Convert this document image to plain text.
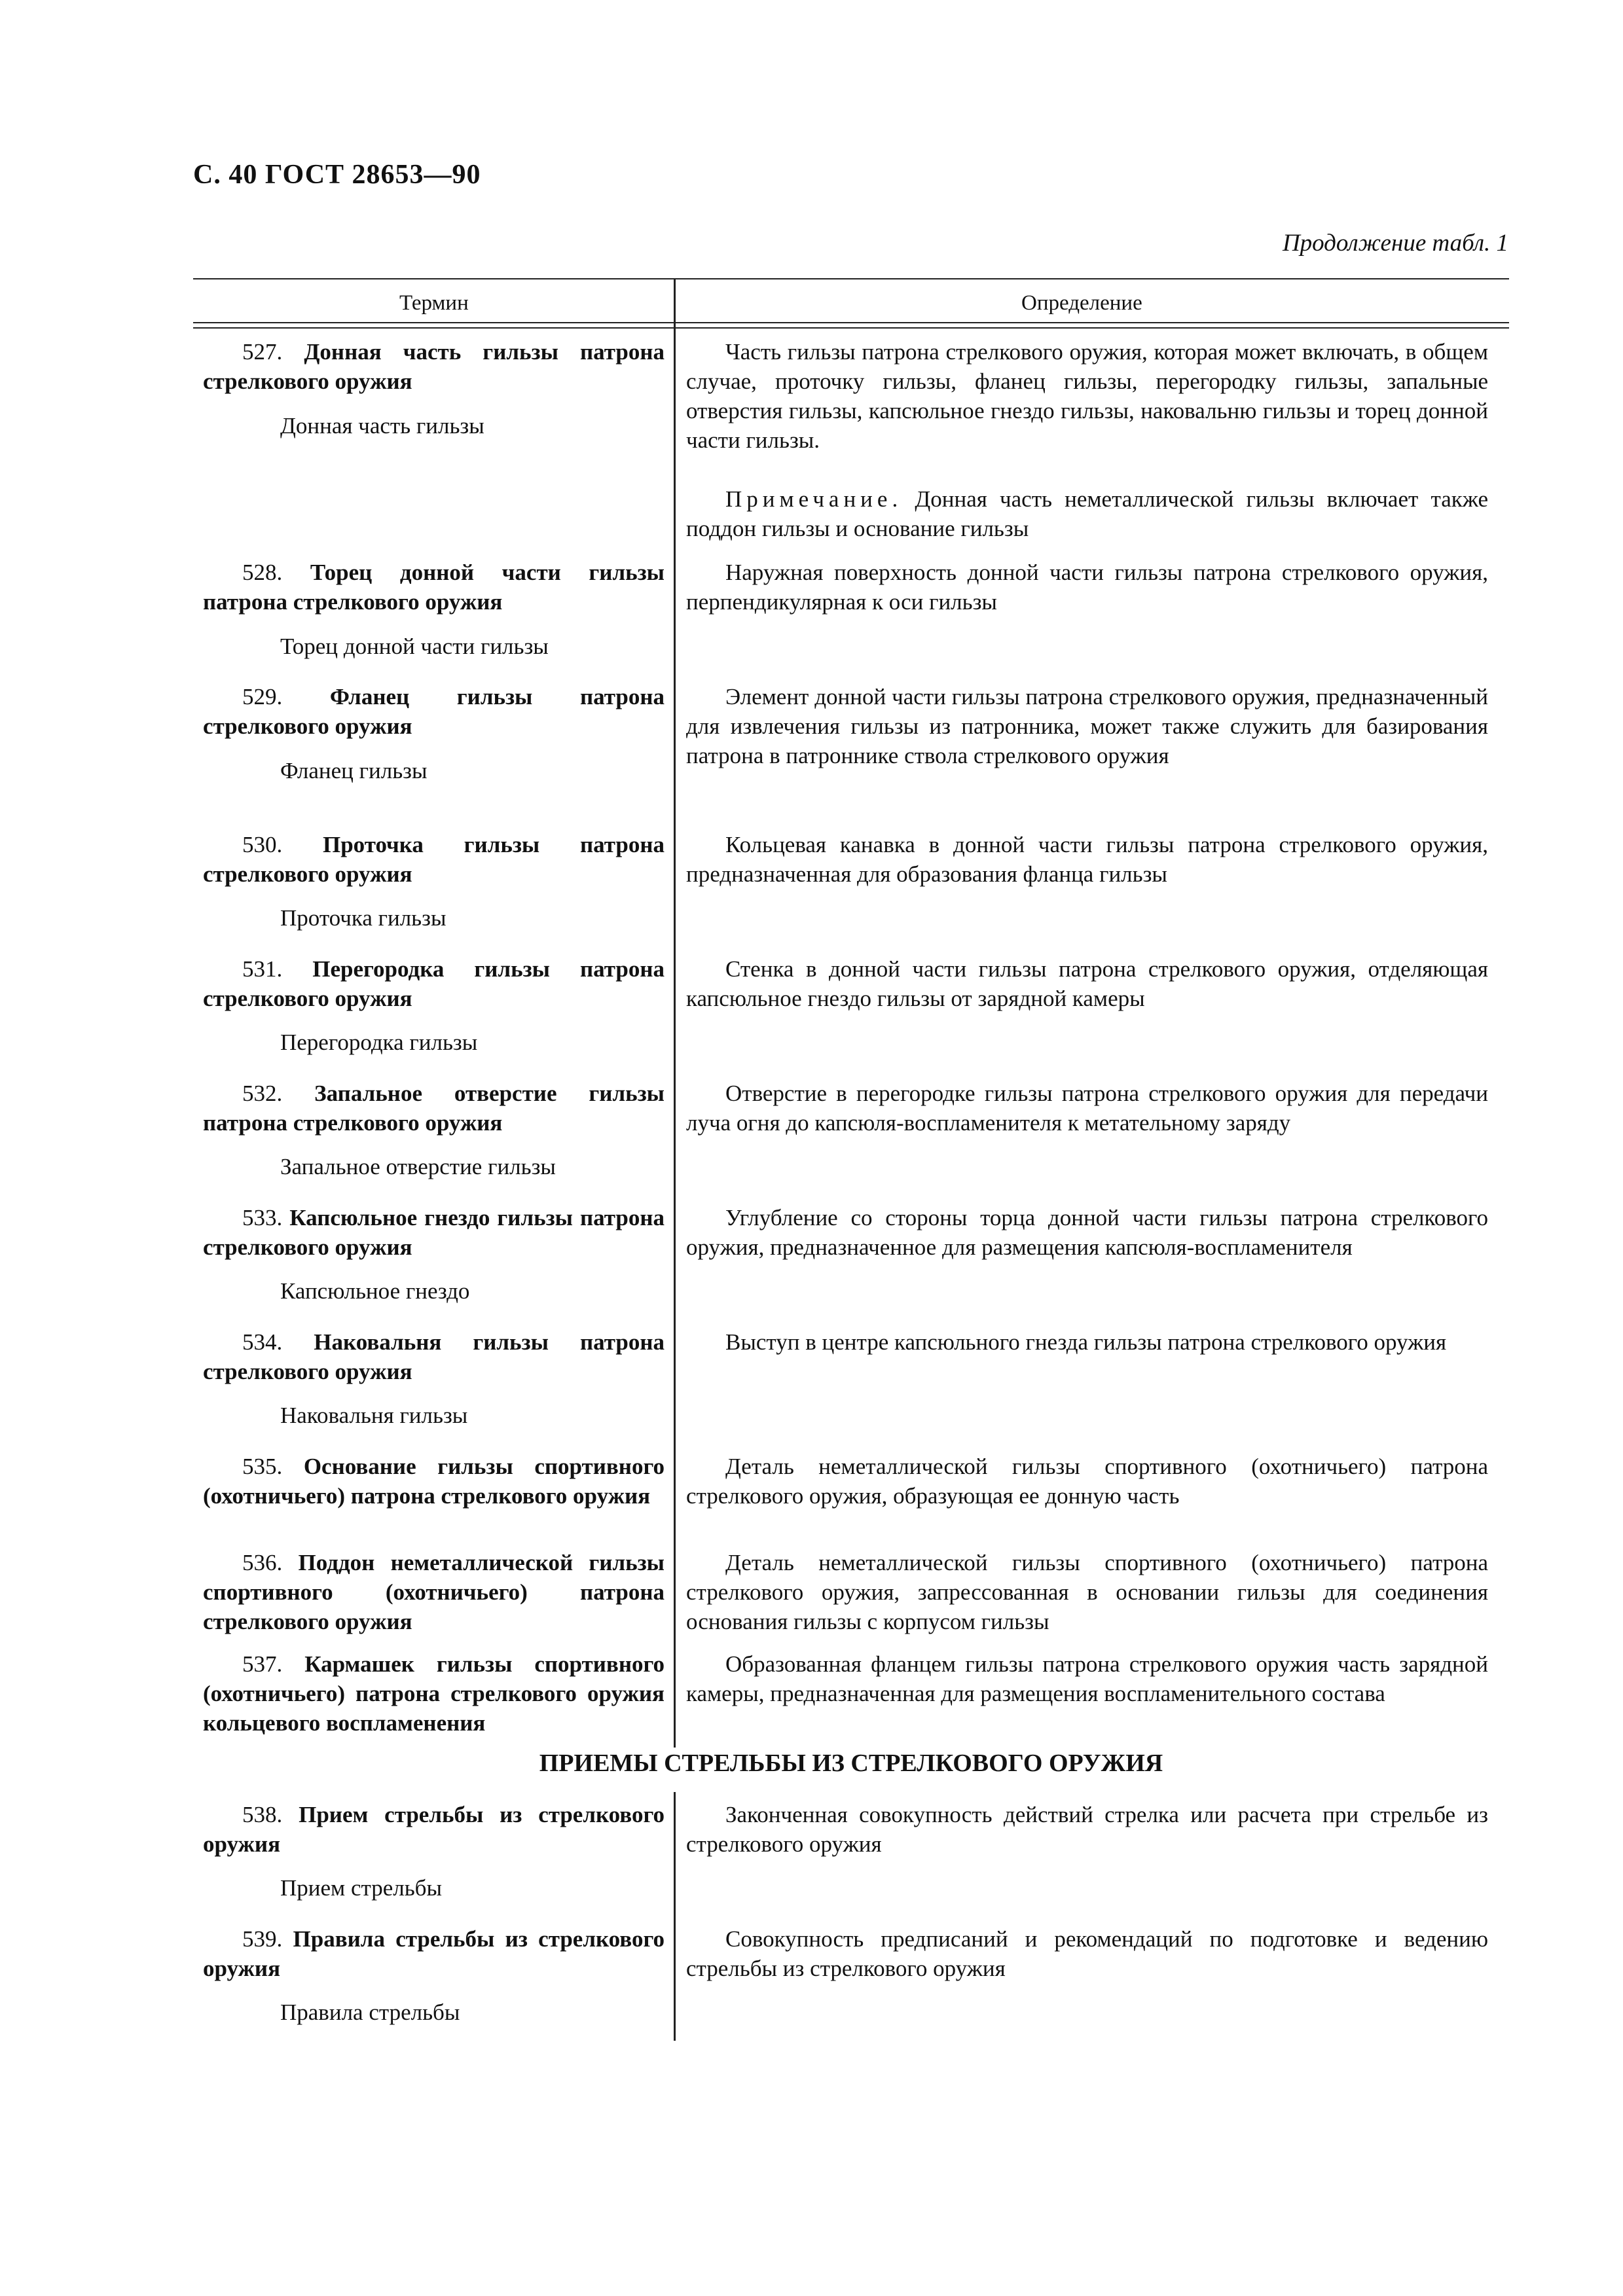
С. 40 ГОСТ 28653—90
Продолжение табл. 1
Термин	Определение
527. Донная часть гильзы патрона стрелкового оружия
Донная часть гильзы
Часть гильзы патрона стрелкового оружия, которая может включать, в общем случае, проточку гильзы, фланец гильзы, перегородку гильзы, запальные отверстия гильзы, капсюльное гнездо гильзы, наковальню гильзы и торец донной части гильзы.
Примечание. Донная часть неметаллической гильзы включает также поддон гильзы и основание гильзы
528. Торец донной части гильзы патрона стрелкового оружия
Торец донной части гильзы
Наружная поверхность донной части гильзы патрона стрелкового оружия, перпендикулярная к оси гильзы
529. Фланец гильзы патрона стрелкового оружия
Фланец гильзы
Элемент донной части гильзы патрона стрелкового оружия, предназначенный для извлечения гильзы из патронника, может также служить для базирования патрона в патроннике ствола стрелкового оружия
530. Проточка гильзы патрона стрелкового оружия
Проточка гильзы
Кольцевая канавка в донной части гильзы патрона стрелкового оружия, предназначенная для образования фланца гильзы
531. Перегородка гильзы патрона стрелкового оружия
Перегородка гильзы
Стенка в донной части гильзы патрона стрелкового оружия, отделяющая капсюльное гнездо гильзы от зарядной камеры
532. Запальное отверстие гильзы патрона стрелкового оружия
Запальное отверстие гильзы
Отверстие в перегородке гильзы патрона стрелкового оружия для передачи луча огня до капсюля-воспламенителя к метательному заряду
533. Капсюльное гнездо гильзы патрона стрелкового оружия
Капсюльное гнездо
Углубление со стороны торца донной части гильзы патрона стрелкового оружия, предназначенное для размещения капсюля-воспламенителя
534. Наковальня гильзы патрона стрелкового оружия
Наковальня гильзы
Выступ в центре капсюльного гнезда гильзы патрона стрелкового оружия
535. Основание гильзы спортивного (охотничьего) патрона стрелкового оружия
Деталь неметаллической гильзы спортивного (охотничьего) патрона стрелкового оружия, образующая ее донную часть
536. Поддон неметаллической гильзы спортивного (охотничьего) патрона стрелкового оружия
Деталь неметаллической гильзы спортивного (охотничьего) патрона стрелкового оружия, запрессованная в основании гильзы для соединения основания гильзы с корпусом гильзы
537. Кармашек гильзы спортивного (охотничьего) патрона стрелкового оружия кольцевого воспламенения
Образованная фланцем гильзы патрона стрелкового оружия часть зарядной камеры, предназначенная для размещения воспламенительного состава
ПРИЕМЫ СТРЕЛЬБЫ ИЗ СТРЕЛКОВОГО ОРУЖИЯ
538. Прием стрельбы из стрелкового оружия
Прием стрельбы
Законченная совокупность действий стрелка или расчета при стрельбе из стрелкового оружия
539. Правила стрельбы из стрелкового оружия
Правила стрельбы
Совокупность предписаний и рекомендаций по подготовке и ведению стрельбы из стрелкового оружия
